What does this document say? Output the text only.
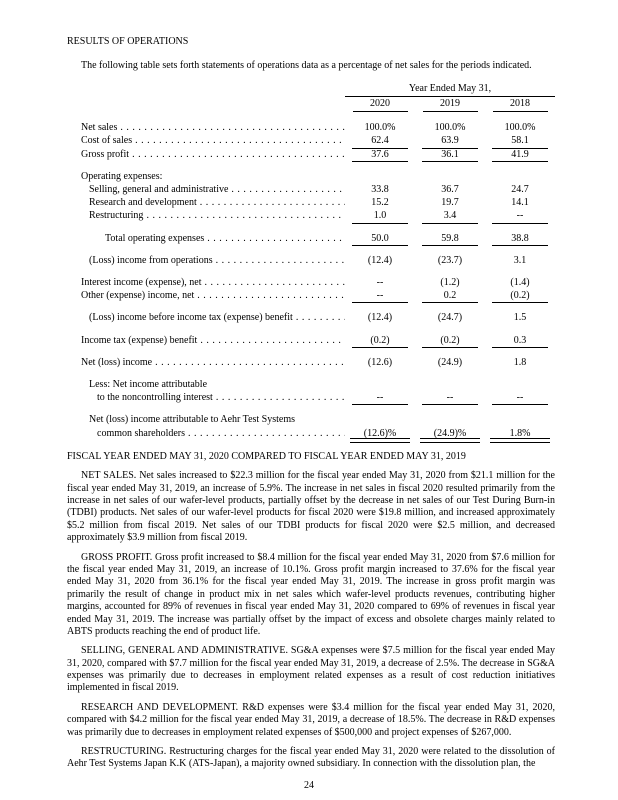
RESULTS OF OPERATIONS
The following table sets forth statements of operations data as a percentage of net sales for the periods indicated.
Year Ended May 31,
2020	2019	2018
Net sales . . .	100.0%	100.0%	100.0%
Cost of sales . . .	62.4	63.9	58.1
Gross profit . . .	37.6	36.1	41.9
Operating expenses:
Selling, general and administrative . . .	33.8	36.7	24.7
Research and development . . .	15.2	19.7	14.1
Restructuring . . .	1.0	3.4	--
Total operating expenses . . .	50.0	59.8	38.8
(Loss) income from operations . . .	(12.4)	(23.7)	3.1
Interest income (expense), net . . .	--	(1.2)	(1.4)
Other (expense) income, net . . .	--	0.2	(0.2)
(Loss) income before income tax (expense) benefit . . .	(12.4)	(24.7)	1.5
Income tax (expense) benefit . . .	(0.2)	(0.2)	0.3
Net (loss) income . . .	(12.6)	(24.9)	1.8
Less: Net income attributable
to the noncontrolling interest . . .	--	--	--
Net (loss) income attributable to Aehr Test Systems
common shareholders . . .	(12.6)%	(24.9)%	1.8%
FISCAL YEAR ENDED MAY 31, 2020 COMPARED TO FISCAL YEAR ENDED MAY 31, 2019

NET SALES. Net sales increased to $22.3 million for the fiscal year ended May 31, 2020 from $21.1 million for the fiscal year ended May 31, 2019, an increase of 5.9%. The increase in net sales in fiscal 2020 resulted primarily from the increase in net sales of our wafer-level products, partially offset by the decrease in net sales of our Test During Burn-in (TDBI) products. Net sales of our wafer-level products for fiscal 2020 were $19.8 million, and increased approximately $5.2 million from fiscal 2019. Net sales of our TDBI products for fiscal 2020 were $2.5 million, and decreased approximately $3.9 million from fiscal 2019.

GROSS PROFIT. Gross profit increased to $8.4 million for the fiscal year ended May 31, 2020 from $7.6 million for the fiscal year ended May 31, 2019, an increase of 10.1%. Gross profit margin increased to 37.6% for the fiscal year ended May 31, 2020 from 36.1% for the fiscal year ended May 31, 2019. The increase in gross profit margin was primarily the result of change in product mix in net sales which wafer-level products revenues, contributing higher margins, accounted for 89% of revenues in fiscal year ended May 31, 2020 compared to 69% of revenues in fiscal year ended May 31, 2019. The increase was partially offset by the impact of excess and obsolete charges mainly related to ABTS products reaching the end of product life.

SELLING, GENERAL AND ADMINISTRATIVE. SG&A expenses were $7.5 million for the fiscal year ended May 31, 2020, compared with $7.7 million for the fiscal year ended May 31, 2019, a decrease of 2.5%. The decrease in SG&A expenses was primarily due to decreases in employment related expenses as a result of cost reduction initiatives implemented in fiscal 2019.

RESEARCH AND DEVELOPMENT. R&D expenses were $3.4 million for the fiscal year ended May 31, 2020, compared with $4.2 million for the fiscal year ended May 31, 2019, a decrease of 18.5%. The decrease in R&D expenses was primarily due to decreases in employment related expenses of $500,000 and project expenses of $267,000.

RESTRUCTURING. Restructuring charges for the fiscal year ended May 31, 2020 were related to the dissolution of Aehr Test Systems Japan K.K (ATS-Japan), a majority owned subsidiary. In connection with the dissolution plan, the

24
